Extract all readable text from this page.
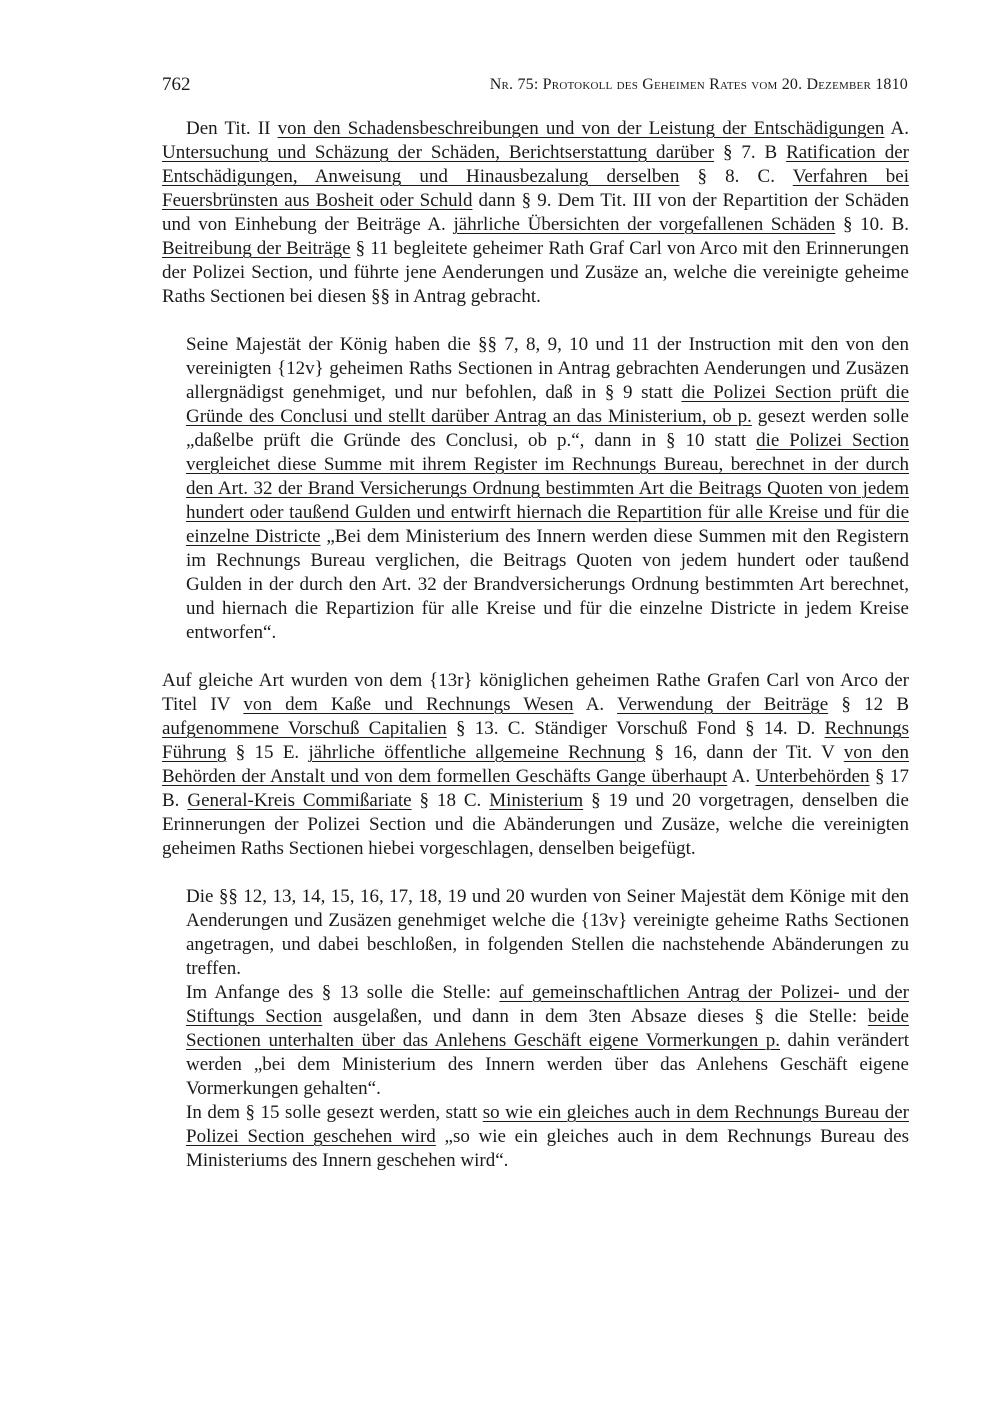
762	Nr. 75: Protokoll des Geheimen Rates vom 20. Dezember 1810

Den Tit. II von den Schadensbeschreibungen und von der Leistung der Entschädigungen A. Untersuchung und Schäzung der Schäden, Berichtserstattung darüber § 7. B Ratification der Entschädigungen, Anweisung und Hinausbezalung derselben § 8. C. Verfahren bei Feuersbrünsten aus Bosheit oder Schuld dann § 9. Dem Tit. III von der Repartition der Schäden und von Einhebung der Beiträge A. jährliche Übersichten der vorgefallenen Schäden § 10. B. Beitreibung der Beiträge § 11 begleitete geheimer Rath Graf Carl von Arco mit den Erinnerungen der Polizei Section, und führte jene Aenderungen und Zusäze an, welche die vereinigte geheime Raths Sectionen bei diesen §§ in Antrag gebracht.

Seine Majestät der König haben die §§ 7, 8, 9, 10 und 11 der Instruction mit den von den vereinigten {12v} geheimen Raths Sectionen in Antrag gebrachten Aenderungen und Zusäzen allergnädigst genehmiget, und nur befohlen, daß in § 9 statt die Polizei Section prüft die Gründe des Conclusi und stellt darüber Antrag an das Ministerium, ob p. gesezt werden solle „daßelbe prüft die Gründe des Conclusi, ob p.“, dann in § 10 statt die Polizei Section vergleichet diese Summe mit ihrem Register im Rechnungs Bureau, berechnet in der durch den Art. 32 der Brand Versicherungs Ordnung bestimmten Art die Beitrags Quoten von jedem hundert oder taußend Gulden und entwirft hiernach die Repartition für alle Kreise und für die einzelne Districte „Bei dem Ministerium des Innern werden diese Summen mit den Registern im Rechnungs Bureau verglichen, die Beitrags Quoten von jedem hundert oder taußend Gulden in der durch den Art. 32 der Brandversicherungs Ordnung bestimmten Art berechnet, und hiernach die Repartizion für alle Kreise und für die einzelne Districte in jedem Kreise entworfen“.

Auf gleiche Art wurden von dem {13r} königlichen geheimen Rathe Grafen Carl von Arco der Titel IV von dem Kaße und Rechnungs Wesen A. Verwendung der Beiträge § 12 B aufgenommene Vorschuß Capitalien § 13. C. Ständiger Vorschuß Fond § 14. D. Rechnungs Führung § 15 E. jährliche öffentliche allgemeine Rechnung § 16, dann der Tit. V von den Behörden der Anstalt und von dem formellen Geschäfts Gange überhaupt A. Unterbehörden § 17 B. General-Kreis Commißariate § 18 C. Ministerium § 19 und 20 vorgetragen, denselben die Erinnerungen der Polizei Section und die Abänderungen und Zusäze, welche die vereinigten geheimen Raths Sectionen hiebei vorgeschlagen, denselben beigefügt.

Die §§ 12, 13, 14, 15, 16, 17, 18, 19 und 20 wurden von Seiner Majestät dem Könige mit den Aenderungen und Zusäzen genehmiget welche die {13v} vereinigte geheime Raths Sectionen angetragen, und dabei beschloßen, in folgenden Stellen die nachstehende Abänderungen zu treffen.

Im Anfange des § 13 solle die Stelle: auf gemeinschaftlichen Antrag der Polizei- und der Stiftungs Section ausgelaßen, und dann in dem 3ten Absaze dieses § die Stelle: beide Sectionen unterhalten über das Anlehens Geschäft eigene Vormerkungen p. dahin verändert werden „bei dem Ministerium des Innern werden über das Anlehens Geschäft eigene Vormerkungen gehalten“.

In dem § 15 solle gesezt werden, statt so wie ein gleiches auch in dem Rechnungs Bureau der Polizei Section geschehen wird „so wie ein gleiches auch in dem Rechnungs Bureau des Ministeriums des Innern geschehen wird“.
